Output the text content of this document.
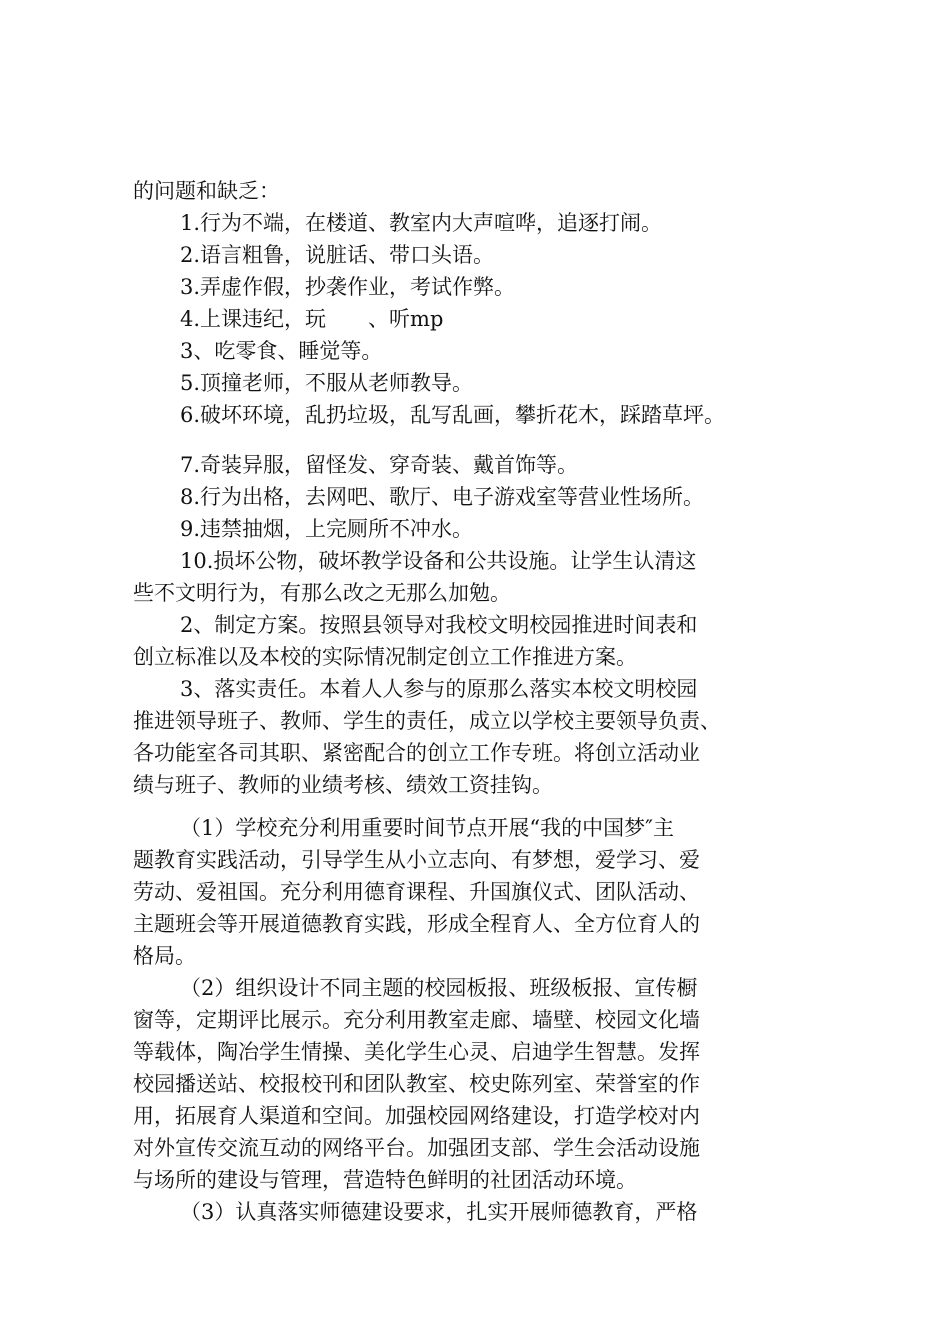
的问题和缺乏：
1.行为不端，在楼道、教室内大声喧哗，追逐打闹。
2.语言粗鲁，说脏话、带口头语。
3.弄虚作假，抄袭作业，考试作弊。
4.上课违纪，玩　　、听mp
3、吃零食、睡觉等。
5.顶撞老师，不服从老师教导。
6.破坏环境，乱扔垃圾，乱写乱画，攀折花木，踩踏草坪。
7.奇装异服，留怪发、穿奇装、戴首饰等。
8.行为出格，去网吧、歌厅、电子游戏室等营业性场所。
9.违禁抽烟，上完厕所不冲水。
10.损坏公物，破坏教学设备和公共设施。让学生认清这
些不文明行为，有那么改之无那么加勉。
2、制定方案。按照县领导对我校文明校园推进时间表和
创立标准以及本校的实际情况制定创立工作推进方案。
3、落实责任。本着人人参与的原那么落实本校文明校园
推进领导班子、教师、学生的责任，成立以学校主要领导负责、
各功能室各司其职、紧密配合的创立工作专班。将创立活动业
绩与班子、教师的业绩考核、绩效工资挂钩。
（1）学校充分利用重要时间节点开展“我的中国梦″主
题教育实践活动，引导学生从小立志向、有梦想，爱学习、爱
劳动、爱祖国。充分利用德育课程、升国旗仪式、团队活动、
主题班会等开展道德教育实践，形成全程育人、全方位育人的
格局。
（2）组织设计不同主题的校园板报、班级板报、宣传橱
窗等，定期评比展示。充分利用教室走廊、墙壁、校园文化墙
等载体，陶冶学生情操、美化学生心灵、启迪学生智慧。发挥
校园播送站、校报校刊和团队教室、校史陈列室、荣誉室的作
用，拓展育人渠道和空间。加强校园网络建设，打造学校对内
对外宣传交流互动的网络平台。加强团支部、学生会活动设施
与场所的建设与管理，营造特色鲜明的社团活动环境。
（3）认真落实师德建设要求，扎实开展师德教育，严格
